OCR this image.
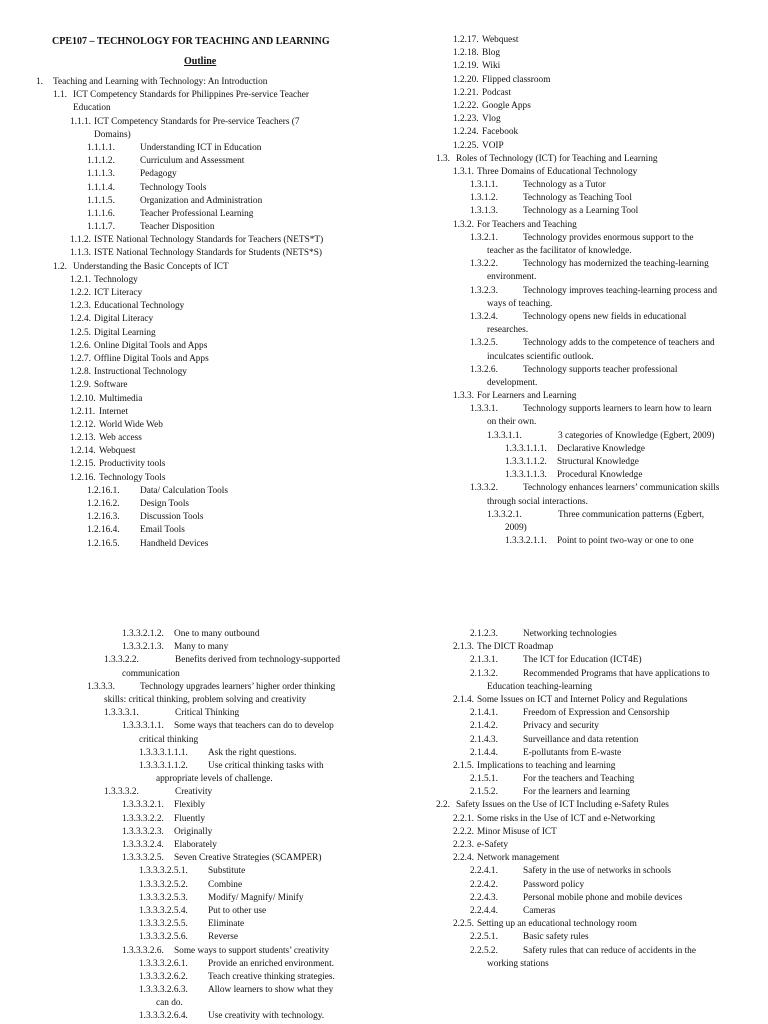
CPE107 – TECHNOLOGY FOR TEACHING AND LEARNING
Outline
1. Teaching and Learning with Technology: An Introduction
1.1. ICT Competency Standards for Philippines Pre-service Teacher
Education
1.1.1. ICT Competency Standards for Pre-service Teachers (7
Domains)
1.1.1.1.	Understanding ICT in Education
1.1.1.2.	Curriculum and Assessment
1.1.1.3.	Pedagogy
1.1.1.4.	Technology Tools
1.1.1.5.	Organization and Administration
1.1.1.6.	Teacher Professional Learning
1.1.1.7.	Teacher Disposition
1.1.2. ISTE National Technology Standards for Teachers (NETS*T)
1.1.3. ISTE National Technology Standards for Students (NETS*S)
1.2. Understanding the Basic Concepts of ICT
1.2.1. Technology
1.2.2. ICT Literacy
1.2.3. Educational Technology
1.2.4. Digital Literacy
1.2.5. Digital Learning
1.2.6. Online Digital Tools and Apps
1.2.7. Offline Digital Tools and Apps
1.2.8. Instructional Technology
1.2.9. Software
1.2.10. Multimedia
1.2.11. Internet
1.2.12. World Wide Web
1.2.13. Web access
1.2.14. Webquest
1.2.15. Productivity tools
1.2.16. Technology Tools
1.2.16.1. Data/ Calculation Tools
1.2.16.2. Design Tools
1.2.16.3. Discussion Tools
1.2.16.4. Email Tools
1.2.16.5. Handheld Devices
1.2.17. Webquest
1.2.18. Blog
1.2.19. Wiki
1.2.20. Flipped classroom
1.2.21. Podcast
1.2.22. Google Apps
1.2.23. Vlog
1.2.24. Facebook
1.2.25. VOIP
1.3. Roles of Technology (ICT) for Teaching and Learning
1.3.1. Three Domains of Educational Technology
1.3.1.1.	Technology as a Tutor
1.3.1.2.	Technology as Teaching Tool
1.3.1.3.	Technology as a Learning Tool
1.3.2. For Teachers and Teaching
1.3.2.1.	Technology provides enormous support to the
teacher as the facilitator of knowledge.
1.3.2.2.	Technology has modernized the teaching-learning
environment.
1.3.2.3.	Technology improves teaching-learning process and
ways of teaching.
1.3.2.4.	Technology opens new fields in educational
researches.
1.3.2.5.	Technology adds to the competence of teachers and
inculcates scientific outlook.
1.3.2.6.	Technology supports teacher professional
development.
1.3.3. For Learners and Learning
1.3.3.1.	Technology supports learners to learn how to learn
on their own.
1.3.3.1.1.	3 categories of Knowledge (Egbert, 2009)
1.3.3.1.1.1. Declarative Knowledge
1.3.3.1.1.2. Structural Knowledge
1.3.3.1.1.3. Procedural Knowledge
1.3.3.2.	Technology enhances learners’ communication skills
through social interactions.
1.3.3.2.1.	Three communication patterns (Egbert,
2009)
1.3.3.2.1.1. Point to point two-way or one to one
1.3.3.2.1.2. One to many outbound
1.3.3.2.1.3. Many to many
1.3.3.2.2.	Benefits derived from technology-supported
communication
1.3.3.3.	Technology upgrades learners’ higher order thinking
skills: critical thinking, problem solving and creativity
1.3.3.3.1.	Critical Thinking
1.3.3.3.1.1. Some ways that teachers can do to develop
critical thinking
1.3.3.3.1.1.1. Ask the right questions.
1.3.3.3.1.1.2. Use critical thinking tasks with
appropriate levels of challenge.
1.3.3.3.2.	Creativity
1.3.3.3.2.1. Flexibly
1.3.3.3.2.2. Fluently
1.3.3.3.2.3. Originally
1.3.3.3.2.4. Elaborately
1.3.3.3.2.5. Seven Creative Strategies (SCAMPER)
1.3.3.3.2.5.1. Substitute
1.3.3.3.2.5.2. Combine
1.3.3.3.2.5.3. Modify/ Magnify/ Minify
1.3.3.3.2.5.4. Put to other use
1.3.3.3.2.5.5. Eliminate
1.3.3.3.2.5.6. Reverse
1.3.3.3.2.6. Some ways to support students’ creativity
1.3.3.3.2.6.1. Provide an enriched environment.
1.3.3.3.2.6.2. Teach creative thinking strategies.
1.3.3.3.2.6.3. Allow learners to show what they
can do.
1.3.3.3.2.6.4. Use creativity with technology.
2.1.2.3.	Networking technologies
2.1.3. The DICT Roadmap
2.1.3.1.	The ICT for Education (ICT4E)
2.1.3.2.	Recommended Programs that have applications to
Education teaching-learning
2.1.4. Some Issues on ICT and Internet Policy and Regulations
2.1.4.1.	Freedom of Expression and Censorship
2.1.4.2.	Privacy and security
2.1.4.3.	Surveillance and data retention
2.1.4.4.	E-pollutants from E-waste
2.1.5. Implications to teaching and learning
2.1.5.1.	For the teachers and Teaching
2.1.5.2.	For the learners and learning
2.2. Safety Issues on the Use of ICT Including e-Safety Rules
2.2.1. Some risks in the Use of ICT and e-Networking
2.2.2. Minor Misuse of ICT
2.2.3. e-Safety
2.2.4. Network management
2.2.4.1.	Safety in the use of networks in schools
2.2.4.2.	Password policy
2.2.4.3.	Personal mobile phone and mobile devices
2.2.4.4.	Cameras
2.2.5. Setting up an educational technology room
2.2.5.1.	Basic safety rules
2.2.5.2.	Safety rules that can reduce of accidents in the
working stations
